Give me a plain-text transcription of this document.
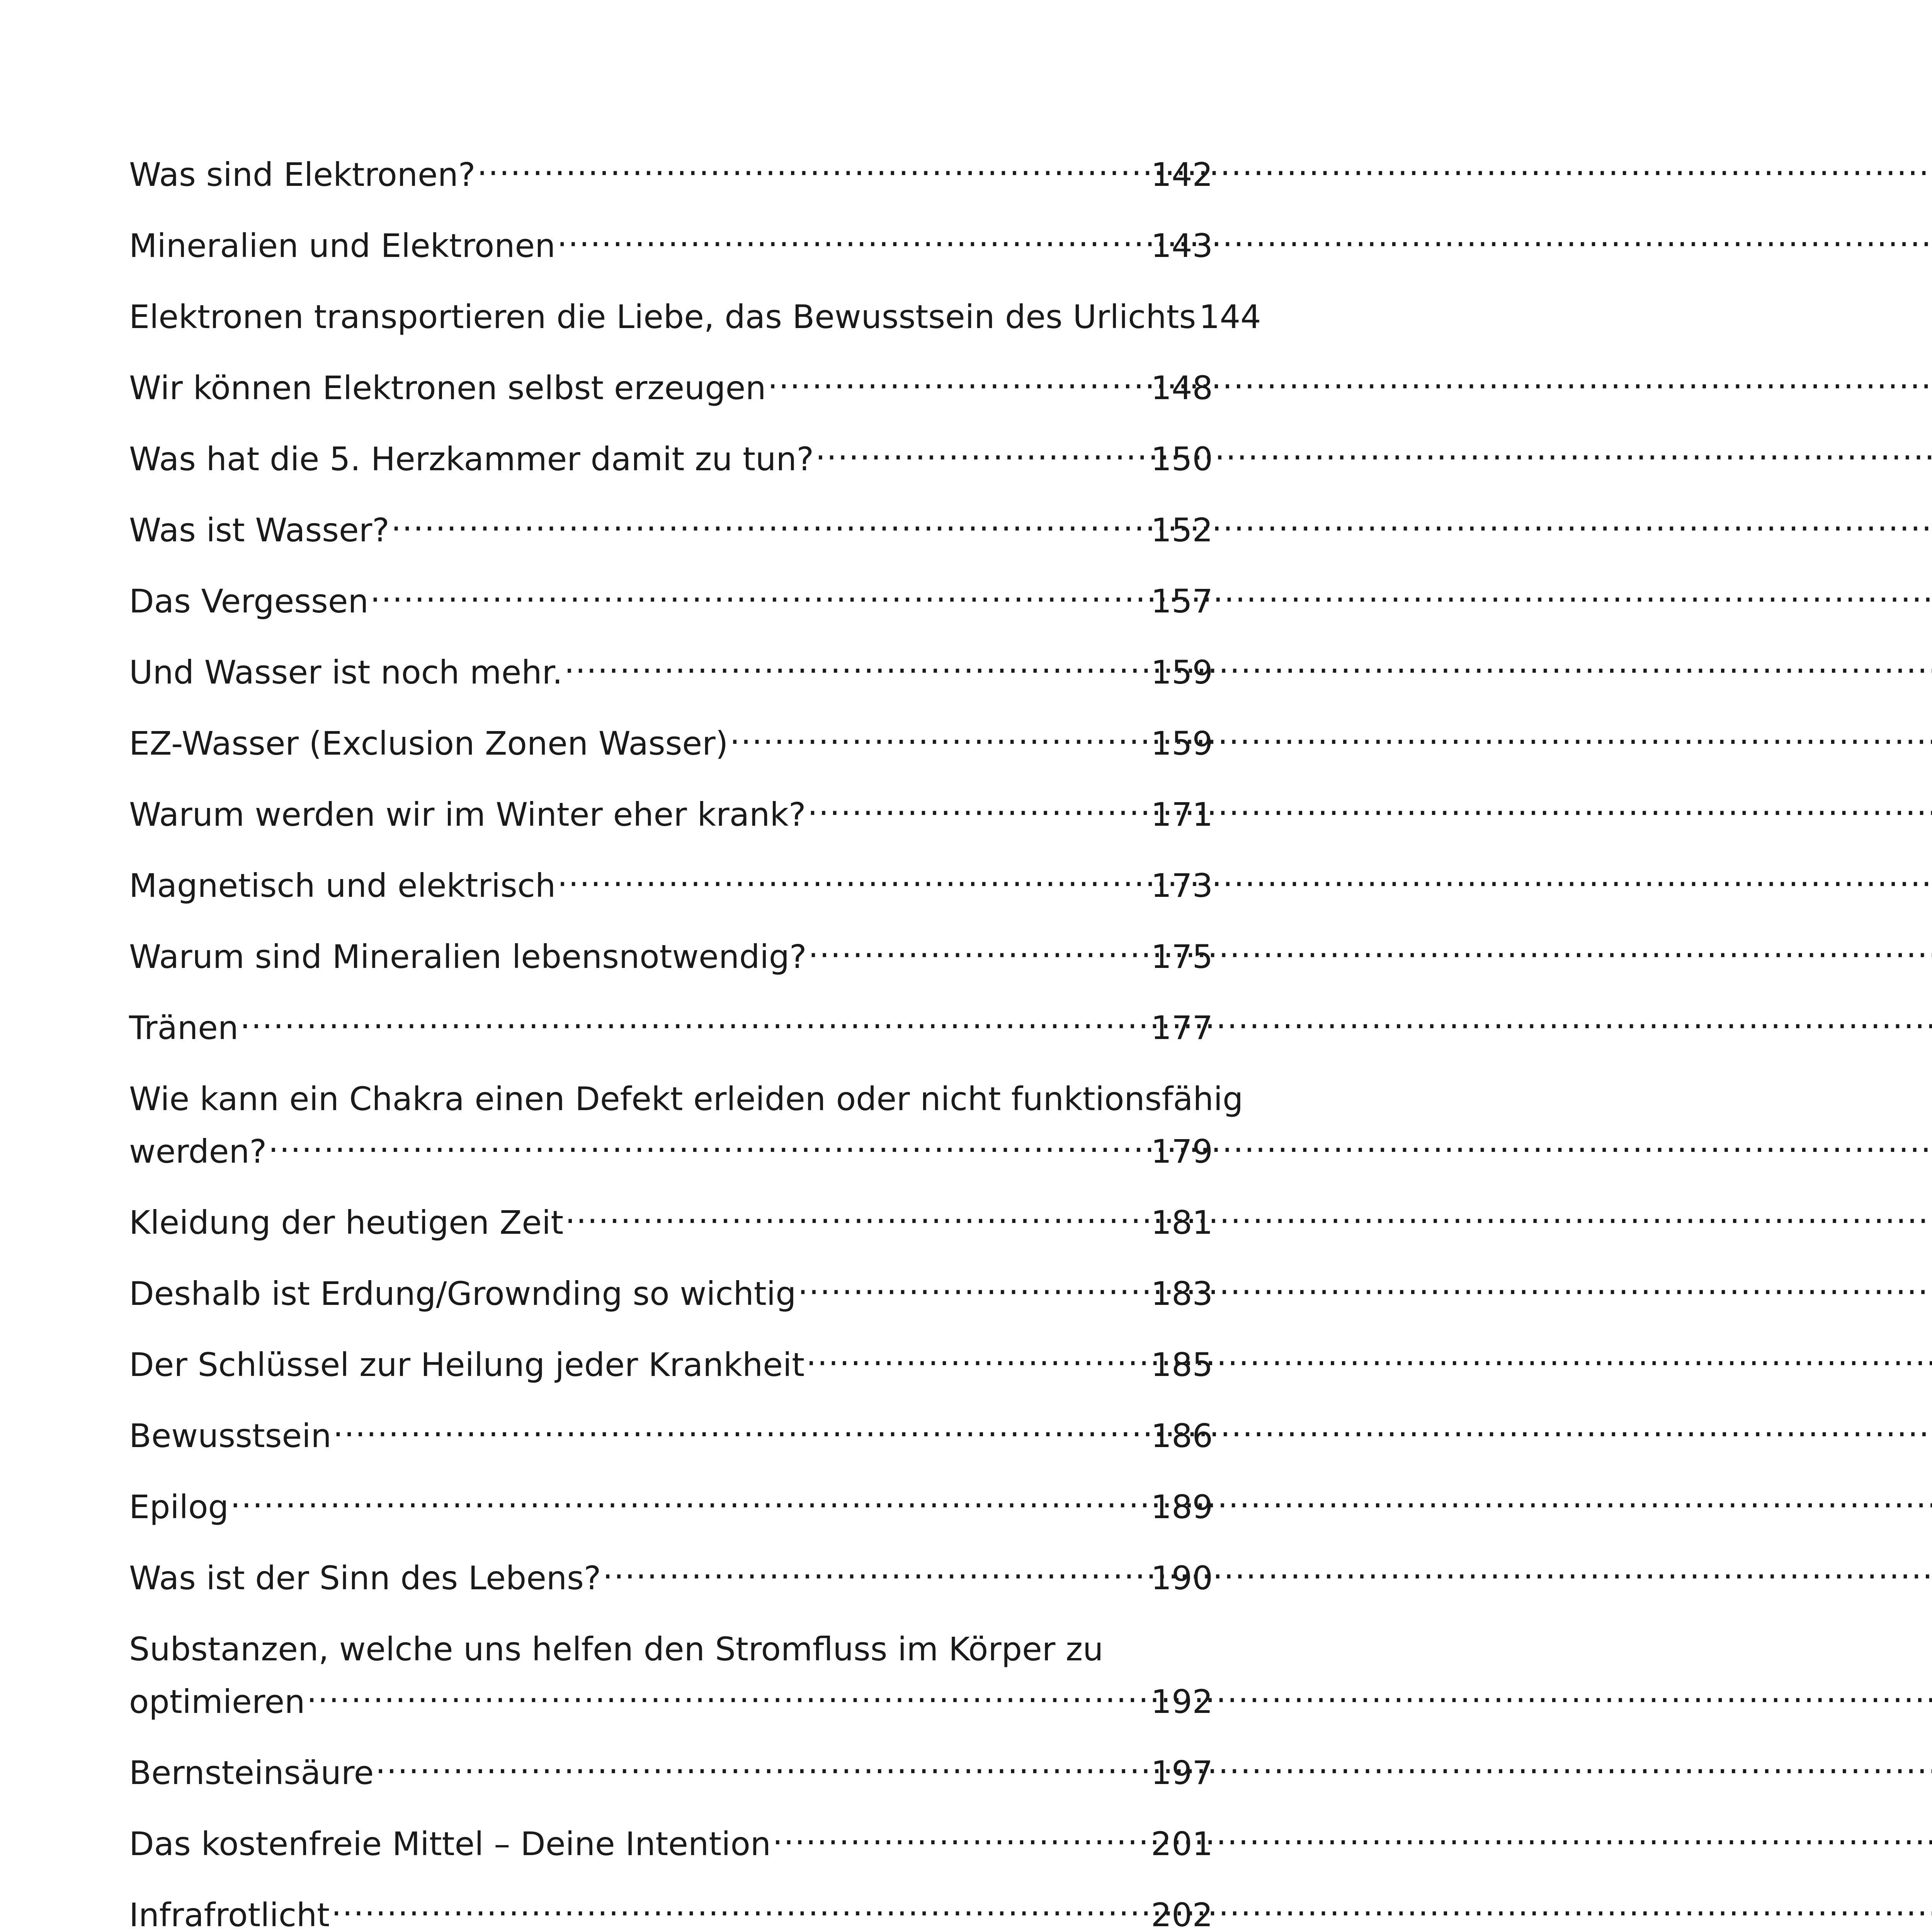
Was sind Elektronen? .....	142
Mineralien und Elektronen .....	143
Elektronen transportieren die Liebe, das Bewusstsein des Urlichts 144
Wir können Elektronen selbst erzeugen .....	148
Was hat die 5. Herzkammer damit zu tun? .....	150
Was ist Wasser? .....	152
Das Vergessen .....	157
Und Wasser ist noch mehr. .....	159
EZ-Wasser (Exclusion Zonen Wasser) .....	159
Warum werden wir im Winter eher krank? .....	171
Magnetisch und elektrisch .....	173
Warum sind Mineralien lebensnotwendig? .....	175
Tränen .....	177
Wie kann ein Chakra einen Defekt erleiden oder nicht funktionsfähig
werden? .....	179
Kleidung der heutigen Zeit .....	181
Deshalb ist Erdung/Grownding so wichtig .....	183
Der Schlüssel zur Heilung jeder Krankheit .....	185
Bewusstsein .....	186
Epilog .....	189
Was ist der Sinn des Lebens? .....	190
Substanzen, welche uns helfen den Stromfluss im Körper zu
optimieren .....	192
Bernsteinsäure .....	197
Das kostenfreie Mittel – Deine Intention .....	201
Infrafrotlicht .....	202
